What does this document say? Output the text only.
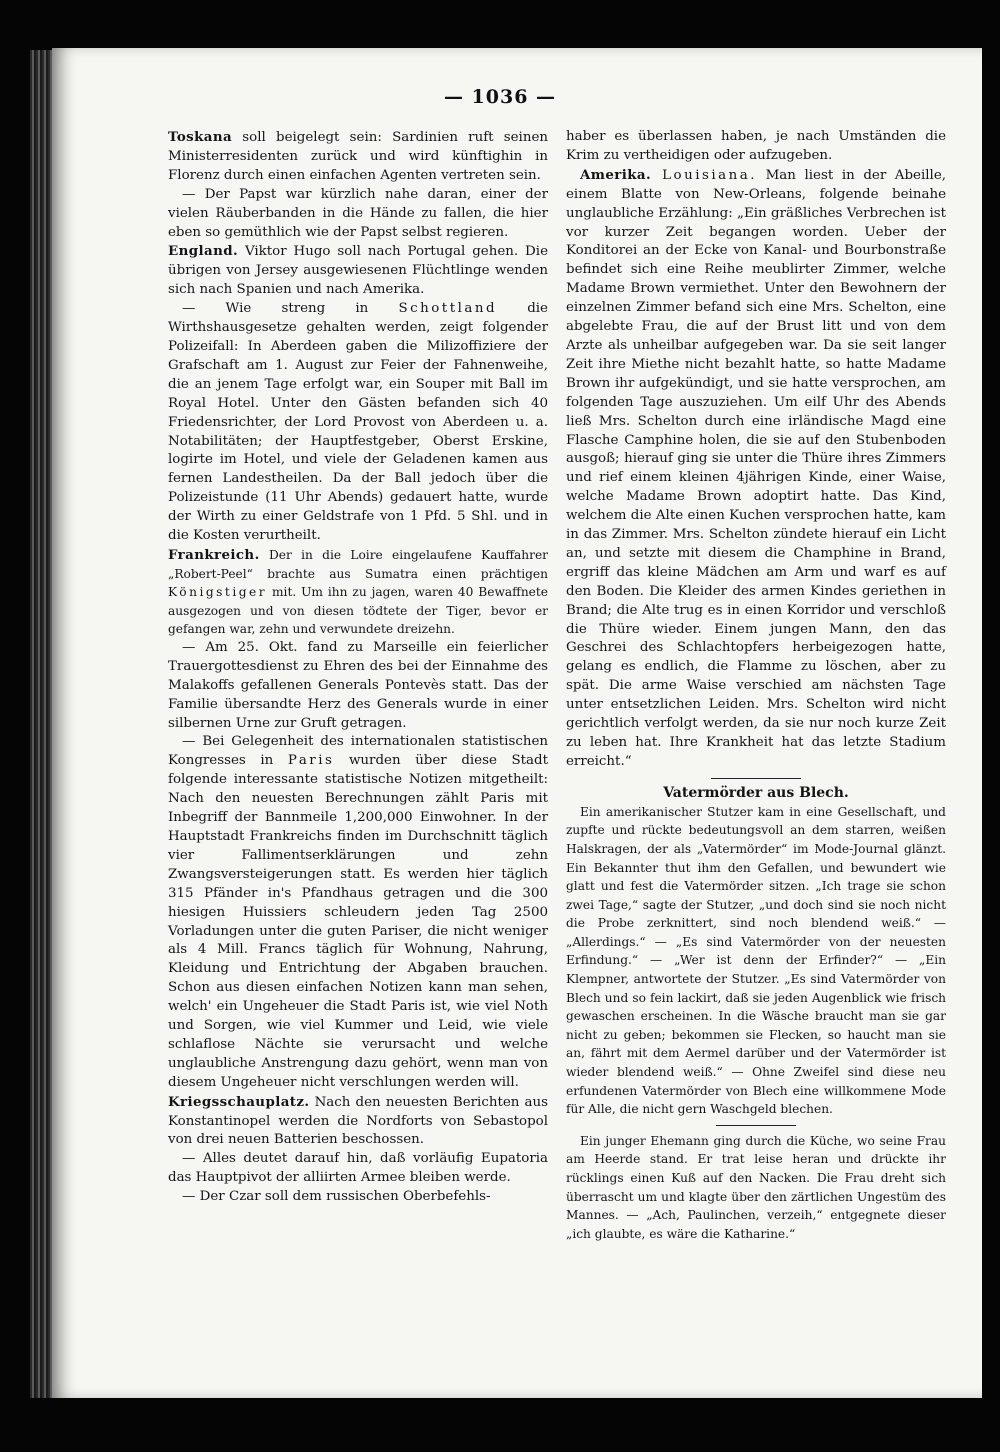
— 1036 —

Toskana soll beigelegt sein: Sardinien ruft seinen Ministerresidenten zurück und wird künftighin in Florenz durch einen einfachen Agenten vertreten sein.

— Der Papst war kürzlich nahe daran, einer der vielen Räuberbanden in die Hände zu fallen, die hier eben so gemüthlich wie der Papst selbst regieren.

England. Viktor Hugo soll nach Portugal gehen. Die übrigen von Jersey ausgewiesenen Flüchtlinge wenden sich nach Spanien und nach Amerika.

— Wie streng in Schottland die Wirthshausgesetze gehalten werden, zeigt folgender Polizeifall: In Aberdeen gaben die Milizoffiziere der Grafschaft am 1. August zur Feier der Fahnenweihe, die an jenem Tage erfolgt war, ein Souper mit Ball im Royal Hotel. Unter den Gästen befanden sich 40 Friedensrichter, der Lord Provost von Aberdeen u. a. Notabilitäten; der Hauptfestgeber, Oberst Erskine, logirte im Hotel, und viele der Geladenen kamen aus fernen Landestheilen. Da der Ball jedoch über die Polizeistunde (11 Uhr Abends) gedauert hatte, wurde der Wirth zu einer Geldstrafe von 1 Pfd. 5 Shl. und in die Kosten verurtheilt.

Frankreich. Der in die Loire eingelaufene Kauffahrer „Robert-Peel“ brachte aus Sumatra einen prächtigen Königstiger mit. Um ihn zu jagen, waren 40 Bewaffnete ausgezogen und von diesen tödtete der Tiger, bevor er gefangen war, zehn und verwundete dreizehn.

— Am 25. Okt. fand zu Marseille ein feierlicher Trauergottesdienst zu Ehren des bei der Einnahme des Malakoffs gefallenen Generals Pontevès statt. Das der Familie übersandte Herz des Generals wurde in einer silbernen Urne zur Gruft getragen.

— Bei Gelegenheit des internationalen statistischen Kongresses in Paris wurden über diese Stadt folgende interessante statistische Notizen mitgetheilt: Nach den neuesten Berechnungen zählt Paris mit Inbegriff der Bannmeile 1,200,000 Einwohner. In der Hauptstadt Frankreichs finden im Durchschnitt täglich vier Fallimentserklärungen und zehn Zwangsversteigerungen statt. Es werden hier täglich 315 Pfänder in's Pfandhaus getragen und die 300 hiesigen Huissiers schleudern jeden Tag 2500 Vorladungen unter die guten Pariser, die nicht weniger als 4 Mill. Francs täglich für Wohnung, Nahrung, Kleidung und Entrichtung der Abgaben brauchen. Schon aus diesen einfachen Notizen kann man sehen, welch' ein Ungeheuer die Stadt Paris ist, wie viel Noth und Sorgen, wie viel Kummer und Leid, wie viele schlaflose Nächte sie verursacht und welche unglaubliche Anstrengung dazu gehört, wenn man von diesem Ungeheuer nicht verschlungen werden will.

Kriegsschauplatz. Nach den neuesten Berichten aus Konstantinopel werden die Nordforts von Sebastopol von drei neuen Batterien beschossen.

— Alles deutet darauf hin, daß vorläufig Eupatoria das Hauptpivot der alliirten Armee bleiben werde.

— Der Czar soll dem russischen Oberbefehls-

haber es überlassen haben, je nach Umständen die Krim zu vertheidigen oder aufzugeben.

Amerika. Louisiana. Man liest in der Abeille, einem Blatte von New-Orleans, folgende beinahe unglaubliche Erzählung: „Ein gräßliches Verbrechen ist vor kurzer Zeit begangen worden. Ueber der Konditorei an der Ecke von Kanal- und Bourbonstraße befindet sich eine Reihe meublirter Zimmer, welche Madame Brown vermiethet. Unter den Bewohnern der einzelnen Zimmer befand sich eine Mrs. Schelton, eine abgelebte Frau, die auf der Brust litt und von dem Arzte als unheilbar aufgegeben war. Da sie seit langer Zeit ihre Miethe nicht bezahlt hatte, so hatte Madame Brown ihr aufgekündigt, und sie hatte versprochen, am folgenden Tage auszuziehen. Um eilf Uhr des Abends ließ Mrs. Schelton durch eine irländische Magd eine Flasche Camphine holen, die sie auf den Stubenboden ausgoß; hierauf ging sie unter die Thüre ihres Zimmers und rief einem kleinen 4jährigen Kinde, einer Waise, welche Madame Brown adoptirt hatte. Das Kind, welchem die Alte einen Kuchen versprochen hatte, kam in das Zimmer. Mrs. Schelton zündete hierauf ein Licht an, und setzte mit diesem die Champhine in Brand, ergriff das kleine Mädchen am Arm und warf es auf den Boden. Die Kleider des armen Kindes geriethen in Brand; die Alte trug es in einen Korridor und verschloß die Thüre wieder. Einem jungen Mann, den das Geschrei des Schlachtopfers herbeigezogen hatte, gelang es endlich, die Flamme zu löschen, aber zu spät. Die arme Waise verschied am nächsten Tage unter entsetzlichen Leiden. Mrs. Schelton wird nicht gerichtlich verfolgt werden, da sie nur noch kurze Zeit zu leben hat. Ihre Krankheit hat das letzte Stadium erreicht.“

Vatermörder aus Blech.

Ein amerikanischer Stutzer kam in eine Gesellschaft, und zupfte und rückte bedeutungsvoll an dem starren, weißen Halskragen, der als „Vatermörder“ im Mode-Journal glänzt. Ein Bekannter thut ihm den Gefallen, und bewundert wie glatt und fest die Vatermörder sitzen. „Ich trage sie schon zwei Tage,“ sagte der Stutzer, „und doch sind sie noch nicht die Probe zerknittert, sind noch blendend weiß.“ — „Allerdings.“ — „Es sind Vatermörder von der neuesten Erfindung.“ — „Wer ist denn der Erfinder?“ — „Ein Klempner, antwortete der Stutzer. „Es sind Vatermörder von Blech und so fein lackirt, daß sie jeden Augenblick wie frisch gewaschen erscheinen. In die Wäsche braucht man sie gar nicht zu geben; bekommen sie Flecken, so haucht man sie an, fährt mit dem Aermel darüber und der Vatermörder ist wieder blendend weiß.“ — Ohne Zweifel sind diese neu erfundenen Vatermörder von Blech eine willkommene Mode für Alle, die nicht gern Waschgeld blechen.

Ein junger Ehemann ging durch die Küche, wo seine Frau am Heerde stand. Er trat leise heran und drückte ihr rücklings einen Kuß auf den Nacken. Die Frau dreht sich überrascht um und klagte über den zärtlichen Ungestüm des Mannes. — „Ach, Paulinchen, verzeih,“ entgegnete dieser „ich glaubte, es wäre die Katharine.“
